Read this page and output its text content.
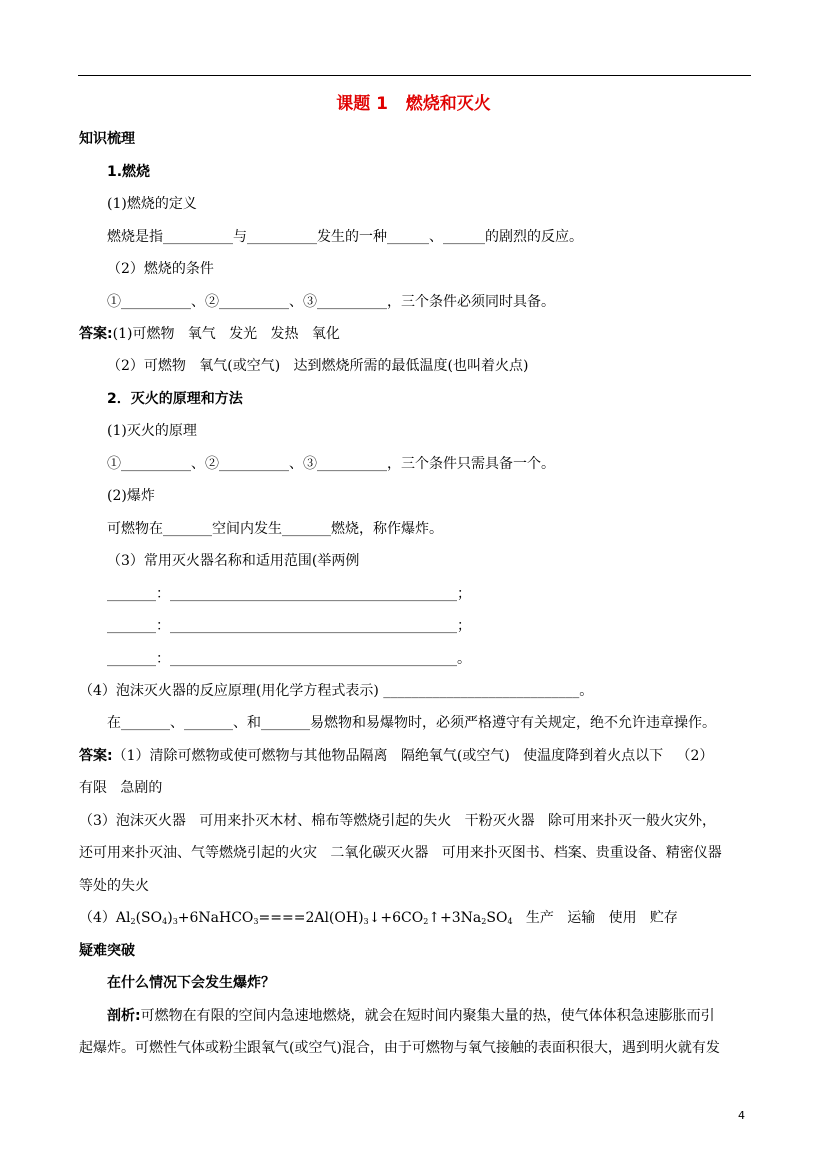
课题 1   燃烧和灭火
知识梳理
1.燃烧
(1)燃烧的定义
燃烧是指__________与__________发生的一种______、______的剧烈的反应。
（2）燃烧的条件
①__________、②__________、③__________，三个条件必须同时具备。
答案:(1)可燃物   氧气   发光   发热   氧化
（2）可燃物   氧气(或空气)   达到燃烧所需的最低温度(也叫着火点)
2．灭火的原理和方法
(1)灭火的原理
①__________、②__________、③__________，三个条件只需具备一个。
(2)爆炸
可燃物在_______空间内发生_______燃烧，称作爆炸。
（3）常用灭火器名称和适用范围(举两例
_______：_________________________________________；
_______：_________________________________________；
_______：_________________________________________。
（4）泡沫灭火器的反应原理(用化学方程式表示) ____________________________。
在_______、_______、和_______易燃物和易爆物时，必须严格遵守有关规定，绝不允许违章操作。
答案:（1）清除可燃物或使可燃物与其他物品隔离   隔绝氧气(或空气)   使温度降到着火点以下   （2）
有限   急剧的
（3）泡沫灭火器   可用来扑灭木材、棉布等燃烧引起的失火   干粉灭火器   除可用来扑灭一般火灾外，
还可用来扑灭油、气等燃烧引起的火灾   二氧化碳灭火器   可用来扑灭图书、档案、贵重设备、精密仪器
等处的失火
$(4)Al_2(SO_4)_3+6NaHCO_3====2Al(OH)_3↓+6CO_2↑+3Na_2SO_4$   生产   运输   使用   贮存
疑难突破
在什么情况下会发生爆炸？
剖析:可燃物在有限的空间内急速地燃烧，就会在短时间内聚集大量的热，使气体体积急速膨胀而引
起爆炸。可燃性气体或粉尘跟氧气(或空气)混合，由于可燃物与氧气接触的表面积很大，遇到明火就有发
4
